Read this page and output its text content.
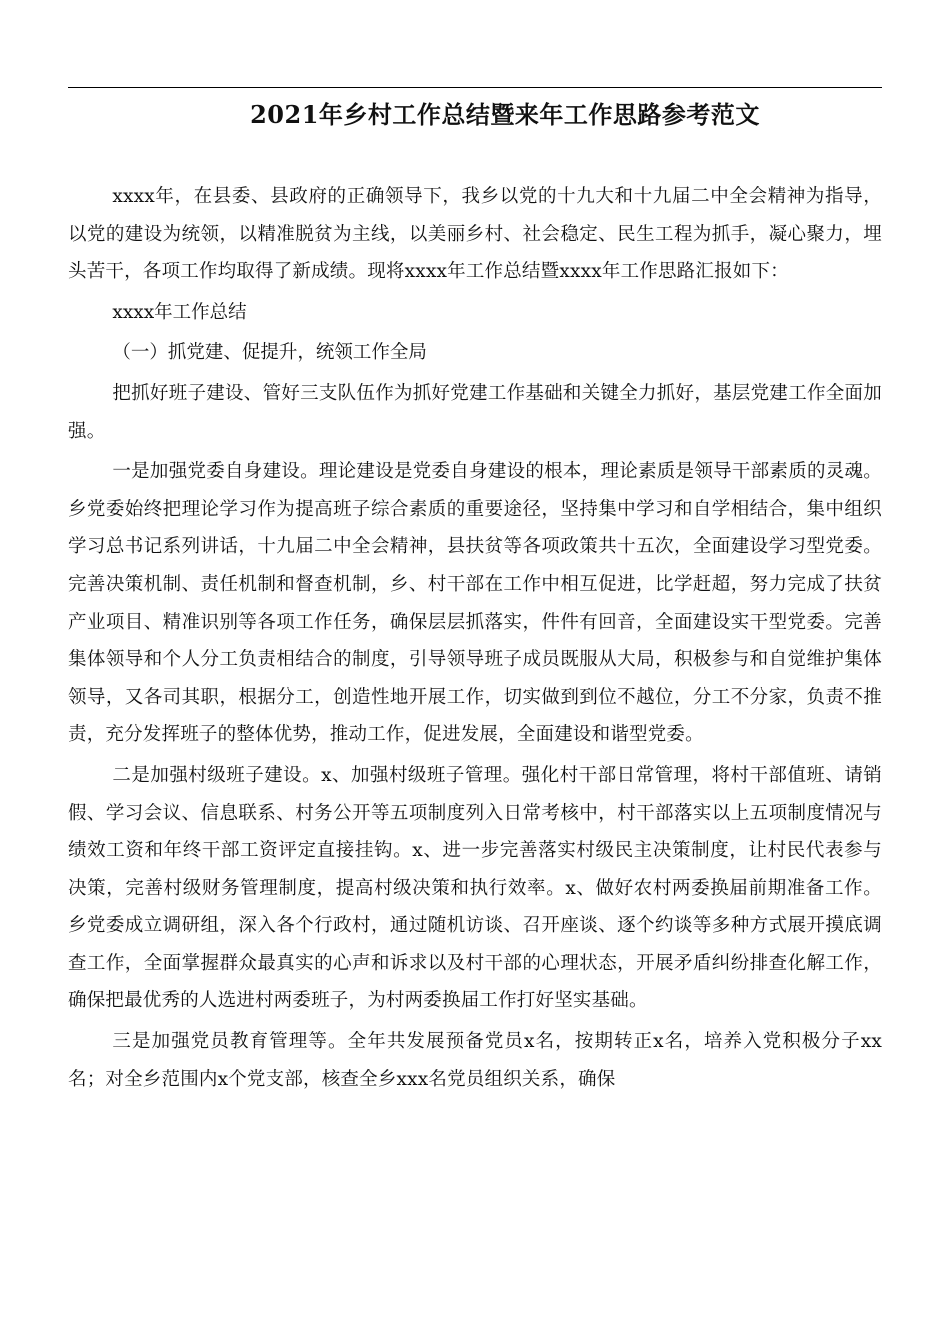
2021年乡村工作总结暨来年工作思路参考范文

xxxx年，在县委、县政府的正确领导下，我乡以党的十九大和十九届二中全会精神为指导，以党的建设为统领，以精准脱贫为主线，以美丽乡村、社会稳定、民生工程为抓手，凝心聚力，埋头苦干，各项工作均取得了新成绩。现将xxxx年工作总结暨xxxx年工作思路汇报如下：

xxxx年工作总结

（一）抓党建、促提升，统领工作全局

把抓好班子建设、管好三支队伍作为抓好党建工作基础和关键全力抓好，基层党建工作全面加强。

一是加强党委自身建设。理论建设是党委自身建设的根本，理论素质是领导干部素质的灵魂。乡党委始终把理论学习作为提高班子综合素质的重要途径，坚持集中学习和自学相结合，集中组织学习总书记系列讲话，十九届二中全会精神，县扶贫等各项政策共十五次，全面建设学习型党委。完善决策机制、责任机制和督查机制，乡、村干部在工作中相互促进，比学赶超，努力完成了扶贫产业项目、精准识别等各项工作任务，确保层层抓落实，件件有回音，全面建设实干型党委。完善集体领导和个人分工负责相结合的制度，引导领导班子成员既服从大局，积极参与和自觉维护集体领导，又各司其职，根据分工，创造性地开展工作，切实做到到位不越位，分工不分家，负责不推责，充分发挥班子的整体优势，推动工作，促进发展，全面建设和谐型党委。

二是加强村级班子建设。x、加强村级班子管理。强化村干部日常管理，将村干部值班、请销假、学习会议、信息联系、村务公开等五项制度列入日常考核中，村干部落实以上五项制度情况与绩效工资和年终干部工资评定直接挂钩。x、进一步完善落实村级民主决策制度，让村民代表参与决策，完善村级财务管理制度，提高村级决策和执行效率。x、做好农村两委换届前期准备工作。乡党委成立调研组，深入各个行政村，通过随机访谈、召开座谈、逐个约谈等多种方式展开摸底调查工作，全面掌握群众最真实的心声和诉求以及村干部的心理状态，开展矛盾纠纷排查化解工作，确保把最优秀的人选进村两委班子，为村两委换届工作打好坚实基础。

三是加强党员教育管理等。全年共发展预备党员x名，按期转正x名，培养入党积极分子xx名；对全乡范围内x个党支部，核查全乡xxx名党员组织关系，确保
